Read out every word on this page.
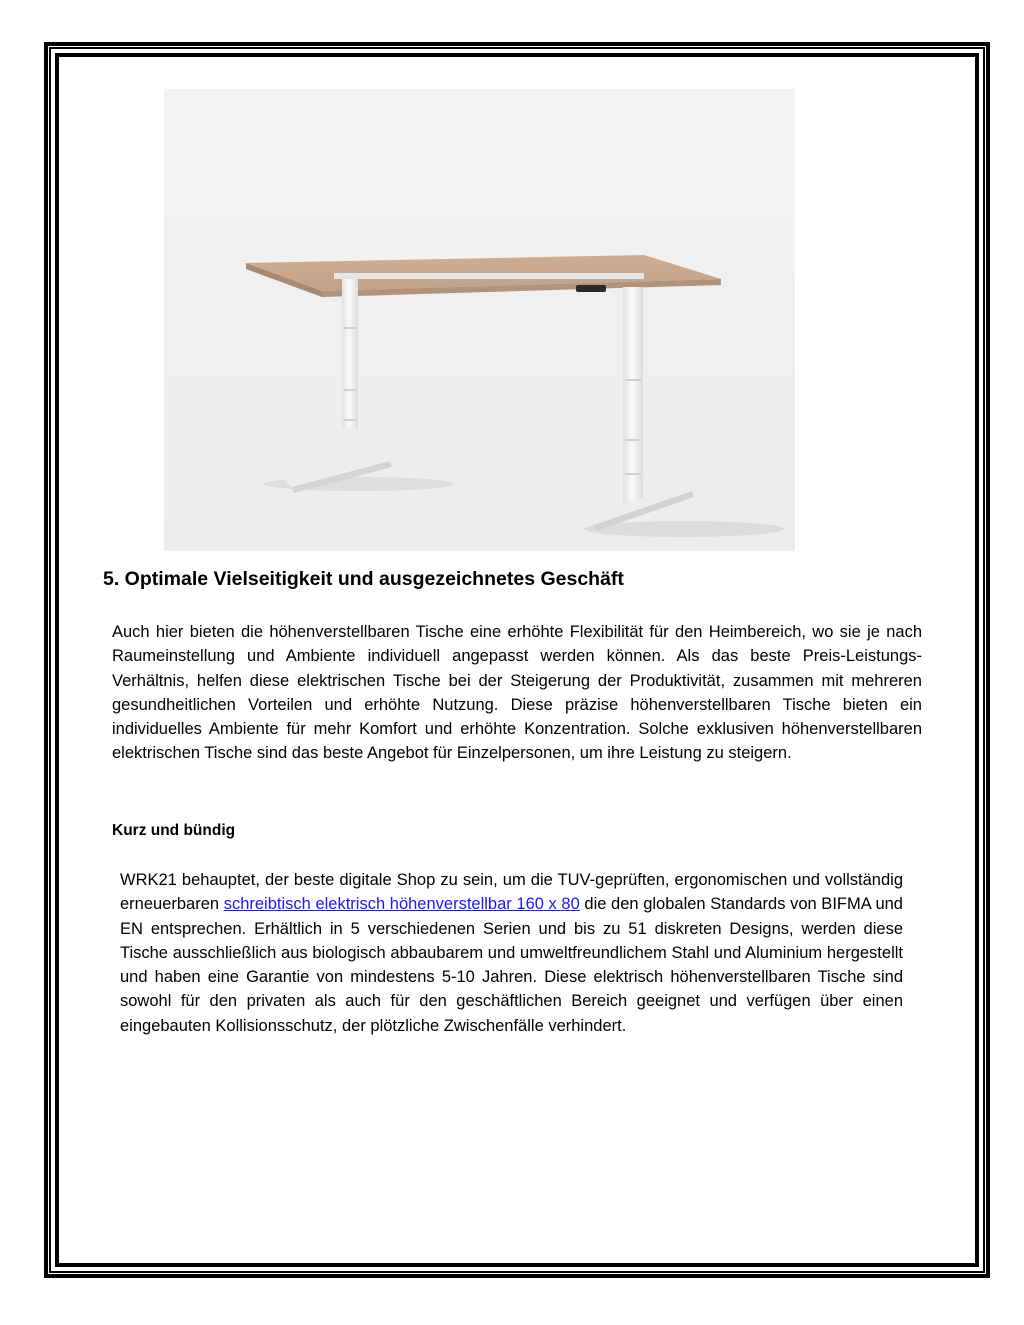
5. Optimale Vielseitigkeit und ausgezeichnetes Geschäft

Auch hier bieten die höhenverstellbaren Tische eine erhöhte Flexibilität für den Heimbereich, wo sie je nach Raumeinstellung und Ambiente individuell angepasst werden können. Als das beste Preis-Leistungs-Verhältnis, helfen diese elektrischen Tische bei der Steigerung der Produktivität, zusammen mit mehreren gesundheitlichen Vorteilen und erhöhte Nutzung. Diese präzise höhenverstellbaren Tische bieten ein individuelles Ambiente für mehr Komfort und erhöhte Konzentration. Solche exklusiven höhenverstellbaren elektrischen Tische sind das beste Angebot für Einzelpersonen, um ihre Leistung zu steigern.

Kurz und bündig

WRK21 behauptet, der beste digitale Shop zu sein, um die TUV-geprüften, ergonomischen und vollständig erneuerbaren schreibtisch elektrisch höhenverstellbar 160 x 80 die den globalen Standards von BIFMA und EN entsprechen. Erhältlich in 5 verschiedenen Serien und bis zu 51 diskreten Designs, werden diese Tische ausschließlich aus biologisch abbaubarem und umweltfreundlichem Stahl und Aluminium hergestellt und haben eine Garantie von mindestens 5-10 Jahren. Diese elektrisch höhenverstellbaren Tische sind sowohl für den privaten als auch für den geschäftlichen Bereich geeignet und verfügen über einen eingebauten Kollisionsschutz, der plötzliche Zwischenfälle verhindert.
